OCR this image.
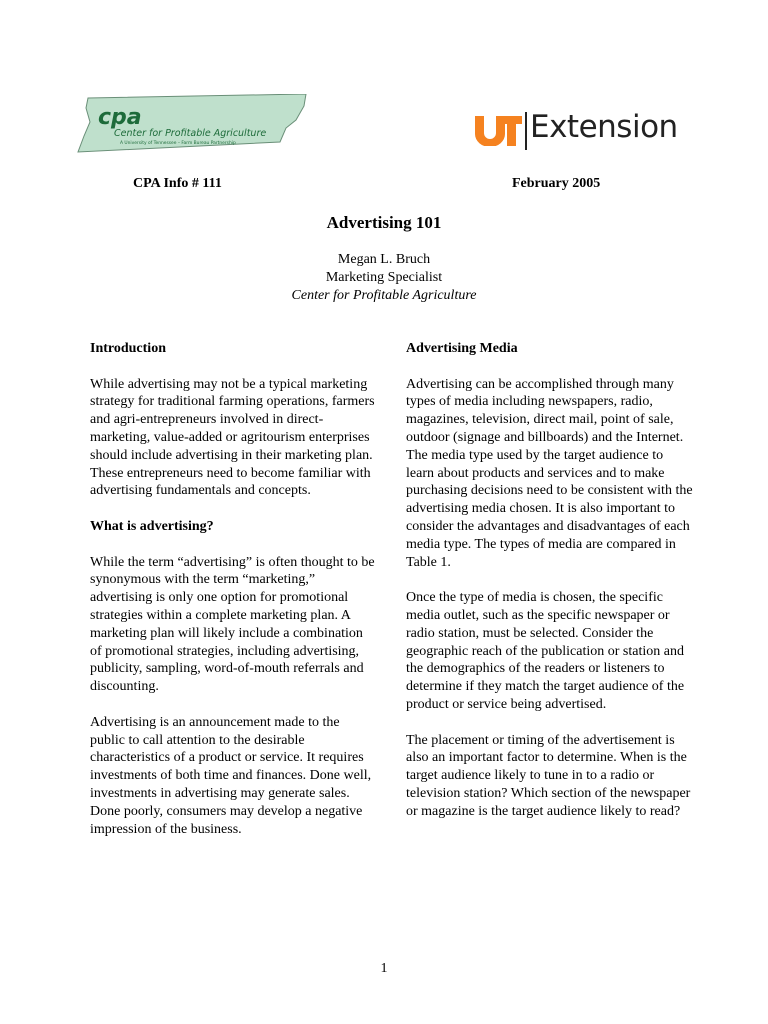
cpa
Center for Profitable Agriculture
A University of Tennessee – Farm Bureau Partnership	Extension
CPA Info # 111	February 2005
Advertising 101
Megan L. Bruch
Marketing Specialist
Center for Profitable Agriculture
Introduction

While advertising may not be a typical marketing strategy for traditional farming operations, farmers and agri-entrepreneurs involved in direct-marketing, value-added or agritourism enterprises should include advertising in their marketing plan. These entrepreneurs need to become familiar with advertising fundamentals and concepts.

What is advertising?

While the term “advertising” is often thought to be synonymous with the term “marketing,” advertising is only one option for promotional strategies within a complete marketing plan. A marketing plan will likely include a combination of promotional strategies, including advertising, publicity, sampling, word-of-mouth referrals and discounting.

Advertising is an announcement made to the public to call attention to the desirable characteristics of a product or service. It requires investments of both time and finances. Done well, investments in advertising may generate sales. Done poorly, consumers may develop a negative impression of the business.

Advertising Media

Advertising can be accomplished through many types of media including newspapers, radio, magazines, television, direct mail, point of sale, outdoor (signage and billboards) and the Internet. The media type used by the target audience to learn about products and services and to make purchasing decisions need to be consistent with the advertising media chosen. It is also important to consider the advantages and disadvantages of each media type. The types of media are compared in Table 1.

Once the type of media is chosen, the specific media outlet, such as the specific newspaper or radio station, must be selected. Consider the geographic reach of the publication or station and the demographics of the readers or listeners to determine if they match the target audience of the product or service being advertised.

The placement or timing of the advertisement is also an important factor to determine. When is the target audience likely to tune in to a radio or television station? Which section of the newspaper or magazine is the target audience likely to read?

1
